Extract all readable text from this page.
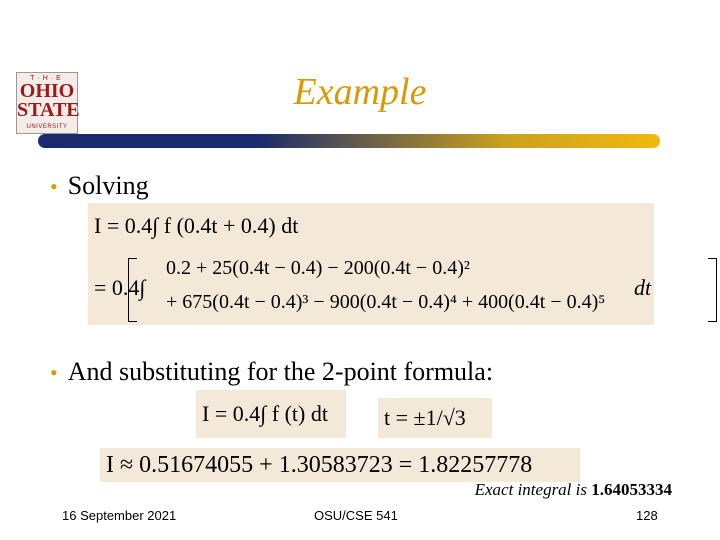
T·H·E
OHIO
STATE
UNIVERSITY
Example
• Solving
I = 0.4∫ f (0.4t + 0.4) dt
= 0.4∫
0.2 + 25(0.4t − 0.4) − 200(0.4t − 0.4)²
+ 675(0.4t − 0.4)³ − 900(0.4t − 0.4)⁴ + 400(0.4t − 0.4)⁵
dt
• And substituting for the 2-point formula:
I = 0.4∫ f (t) dt	t = ±1/√3
I ≈ 0.51674055 + 1.30583723 = 1.82257778
Exact integral is 1.64053334
16 September 2021	OSU/CSE 541	128
